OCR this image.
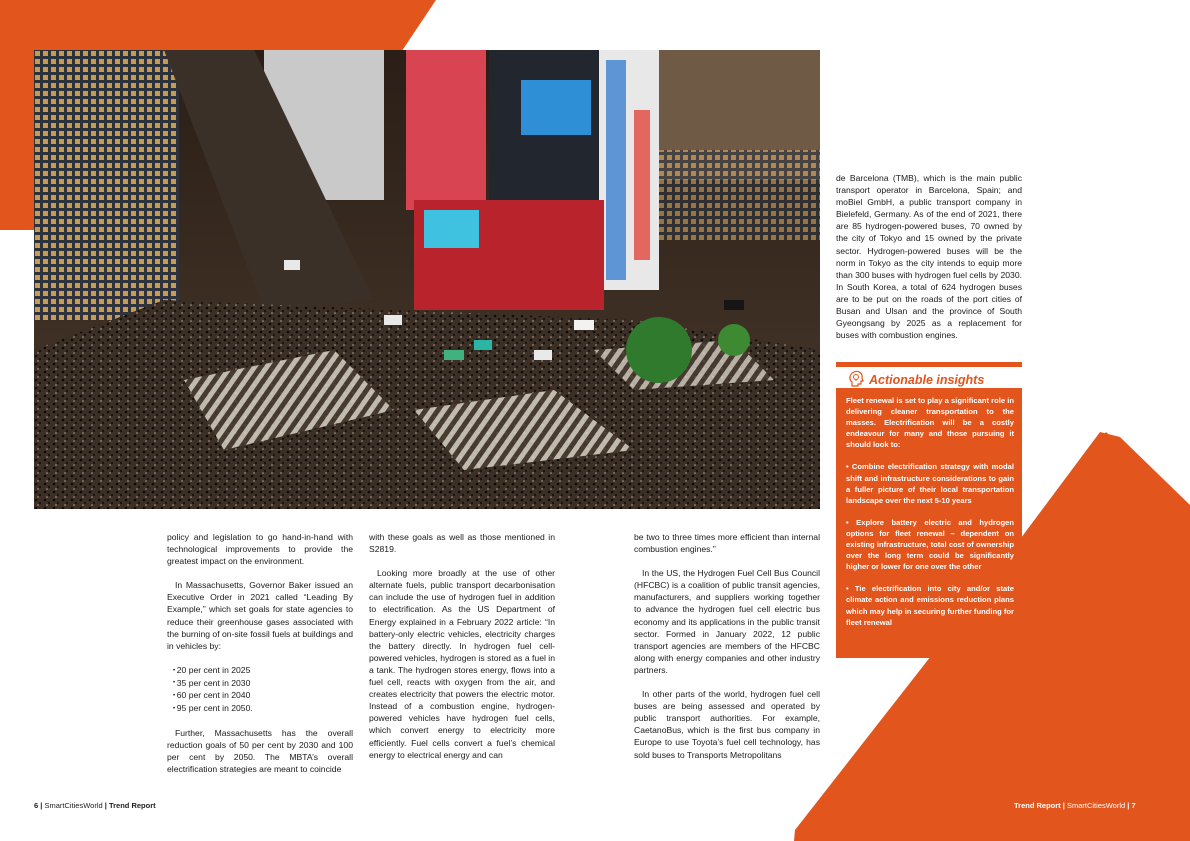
policy and legislation to go hand-in-hand with technological improvements to provide the greatest impact on the environment.

In Massachusetts, Governor Baker issued an Executive Order in 2021 called “Leading By Example,” which set goals for state agencies to reduce their greenhouse gases associated with the burning of on-site fossil fuels at buildings and in vehicles by:

• 20 per cent in 2025
• 35 per cent in 2030
• 60 per cent in 2040
• 95 per cent in 2050.

Further, Massachusetts has the overall reduction goals of 50 per cent by 2030 and 100 per cent by 2050. The MBTA’s overall electrification strategies are meant to coincide

with these goals as well as those mentioned in S2819.

Looking more broadly at the use of other alternate fuels, public transport decarbonisation can include the use of hydrogen fuel in addition to electrification. As the US Department of Energy explained in a February 2022 article: “In battery-only electric vehicles, electricity charges the battery directly. In hydrogen fuel cell-powered vehicles, hydrogen is stored as a fuel in a tank. The hydrogen stores energy, flows into a fuel cell, reacts with oxygen from the air, and creates electricity that powers the electric motor. Instead of a combustion engine, hydrogen-powered vehicles have hydrogen fuel cells, which convert energy to electricity more efficiently. Fuel cells convert a fuel’s chemical energy to electrical energy and can

be two to three times more efficient than internal combustion engines.”

In the US, the Hydrogen Fuel Cell Bus Council (HFCBC) is a coalition of public transit agencies, manufacturers, and suppliers working together to advance the hydrogen fuel cell electric bus economy and its applications in the public transit sector. Formed in January 2022, 12 public transport agencies are members of the HFCBC along with energy companies and other industry partners.

In other parts of the world, hydrogen fuel cell buses are being assessed and operated by public transport authorities. For example, CaetanoBus, which is the first bus company in Europe to use Toyota’s fuel cell technology, has sold buses to Transports Metropolitans

de Barcelona (TMB), which is the main public transport operator in Barcelona, Spain; and moBiel GmbH, a public transport company in Bielefeld, Germany. As of the end of 2021, there are 85 hydrogen-powered buses, 70 owned by the city of Tokyo and 15 owned by the private sector. Hydrogen-powered buses will be the norm in Tokyo as the city intends to equip more than 300 buses with hydrogen fuel cells by 2030. In South Korea, a total of 624 hydrogen buses are to be put on the roads of the port cities of Busan and Ulsan and the province of South Gyeongsang by 2025 as a replacement for buses with combustion engines.

Actionable insights

Fleet renewal is set to play a significant role in delivering cleaner transportation to the masses. Electrification will be a costly endeavour for many and those pursuing it should look to:

• Combine electrification strategy with modal shift and infrastructure considerations to gain a fuller picture of their local transportation landscape over the next 5-10 years

• Explore battery electric and hydrogen options for fleet renewal – dependent on existing infrastructure, total cost of ownership over the long term could be significantly higher or lower for one over the other

• Tie electrification into city and/or state climate action and emissions reduction plans which may help in securing further funding for fleet renewal

6 | SmartCitiesWorld | Trend Report	Trend Report | SmartCitiesWorld | 7
